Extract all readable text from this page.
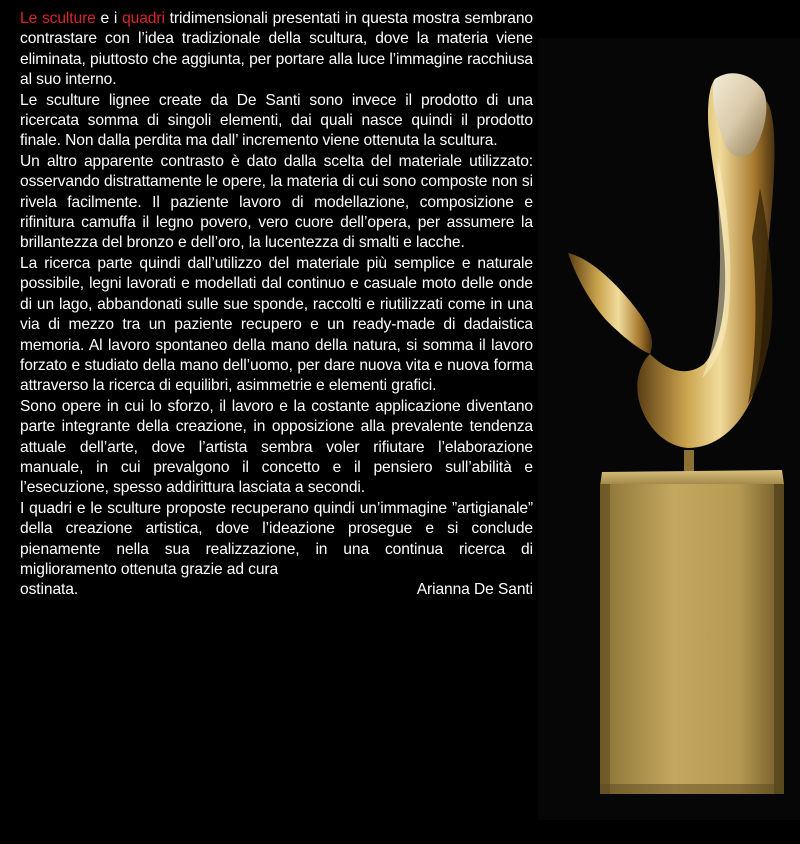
Le sculture e i quadri tridimensionali presentati in questa mostra sembrano contrastare con l’idea tradizionale della scultura, dove la materia viene eliminata, piuttosto che aggiunta, per portare alla luce l’immagine racchiusa al suo interno.

Le sculture lignee create da De Santi sono invece il prodotto di una ricercata somma di singoli elementi, dai quali nasce quindi il prodotto finale. Non dalla perdita ma dall’ incremento viene ottenuta la scultura.

Un altro apparente contrasto è dato dalla scelta del materiale utilizzato: osservando distrattamente le opere, la materia di cui sono composte non si rivela facilmente. Il paziente lavoro di modellazione, composizione e rifinitura camuffa il legno povero, vero cuore dell’opera, per assumere la brillantezza del bronzo e dell’oro, la lucentezza di smalti e lacche.

La ricerca parte quindi dall’utilizzo del materiale più semplice e naturale possibile, legni lavorati e modellati dal continuo e casuale moto delle onde di un lago, abbandonati sulle sue sponde, raccolti e riutilizzati come in una via di mezzo tra un paziente recupero e un ready-made di dadaistica memoria. Al lavoro spontaneo della mano della natura, si somma il lavoro forzato e studiato della mano dell’uomo, per dare nuova vita e nuova forma attraverso la ricerca di equilibri, asimmetrie e elementi grafici.

Sono opere in cui lo sforzo, il lavoro e la costante applicazione diventano parte integrante della creazione, in opposizione alla prevalente tendenza attuale dell’arte, dove l’artista sembra voler rifiutare l’elaborazione manuale, in cui prevalgono il concetto e il pensiero sull’abilità e l’esecuzione, spesso addirittura lasciata a secondi.

I quadri e le sculture proposte recuperano quindi un’immagine ”artigianale” della creazione artistica, dove l’ideazione prosegue e si conclude pienamente nella sua realizzazione, in una continua ricerca di miglioramento ottenuta grazie ad cura

ostinata.	Arianna De Santi
